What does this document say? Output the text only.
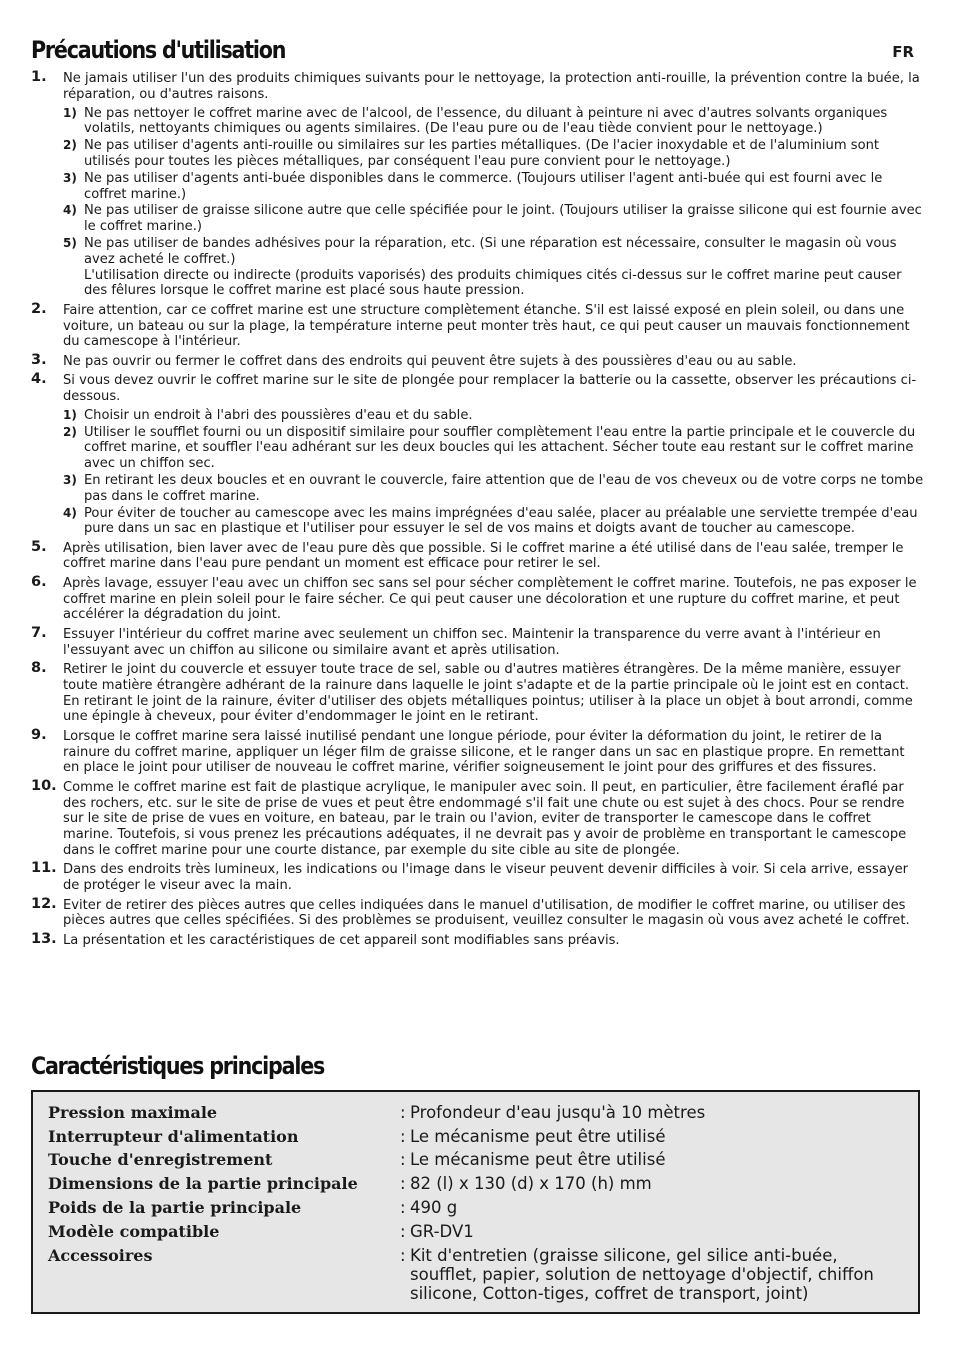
Précautions d'utilisation	FR
1. Ne jamais utiliser l'un des produits chimiques suivants pour le nettoyage, la protection anti-rouille, la prévention contre la buée, la réparation, ou d'autres raisons.
1) Ne pas nettoyer le coffret marine avec de l'alcool, de l'essence, du diluant à peinture ni avec d'autres solvants organiques volatils, nettoyants chimiques ou agents similaires. (De l'eau pure ou de l'eau tiède convient pour le nettoyage.)
2) Ne pas utiliser d'agents anti-rouille ou similaires sur les parties métalliques. (De l'acier inoxydable et de l'aluminium sont utilisés pour toutes les pièces métalliques, par conséquent l'eau pure convient pour le nettoyage.)
3) Ne pas utiliser d'agents anti-buée disponibles dans le commerce. (Toujours utiliser l'agent anti-buée qui est fourni avec le coffret marine.)
4) Ne pas utiliser de graisse silicone autre que celle spécifiée pour le joint. (Toujours utiliser la graisse silicone qui est fournie avec le coffret marine.)
5) Ne pas utiliser de bandes adhésives pour la réparation, etc. (Si une réparation est nécessaire, consulter le magasin où vous avez acheté le coffret.)
L'utilisation directe ou indirecte (produits vaporisés) des produits chimiques cités ci-dessus sur le coffret marine peut causer des fêlures lorsque le coffret marine est placé sous haute pression.
2. Faire attention, car ce coffret marine est une structure complètement étanche. S'il est laissé exposé en plein soleil, ou dans une voiture, un bateau ou sur la plage, la température interne peut monter très haut, ce qui peut causer un mauvais fonctionnement du camescope à l'intérieur.
3. Ne pas ouvrir ou fermer le coffret dans des endroits qui peuvent être sujets à des poussières d'eau ou au sable.
4. Si vous devez ouvrir le coffret marine sur le site de plongée pour remplacer la batterie ou la cassette, observer les précautions ci-dessous.
1) Choisir un endroit à l'abri des poussières d'eau et du sable.
2) Utiliser le soufflet fourni ou un dispositif similaire pour souffler complètement l'eau entre la partie principale et le couvercle du coffret marine, et souffler l'eau adhérant sur les deux boucles qui les attachent. Sécher toute eau restant sur le coffret marine avec un chiffon sec.
3) En retirant les deux boucles et en ouvrant le couvercle, faire attention que de l'eau de vos cheveux ou de votre corps ne tombe pas dans le coffret marine.
4) Pour éviter de toucher au camescope avec les mains imprégnées d'eau salée, placer au préalable une serviette trempée d'eau pure dans un sac en plastique et l'utiliser pour essuyer le sel de vos mains et doigts avant de toucher au camescope.
5. Après utilisation, bien laver avec de l'eau pure dès que possible. Si le coffret marine a été utilisé dans de l'eau salée, tremper le coffret marine dans l'eau pure pendant un moment est efficace pour retirer le sel.
6. Après lavage, essuyer l'eau avec un chiffon sec sans sel pour sécher complètement le coffret marine. Toutefois, ne pas exposer le coffret marine en plein soleil pour le faire sécher. Ce qui peut causer une décoloration et une rupture du coffret marine, et peut accélérer la dégradation du joint.
7. Essuyer l'intérieur du coffret marine avec seulement un chiffon sec. Maintenir la transparence du verre avant à l'intérieur en l'essuyant avec un chiffon au silicone ou similaire avant et après utilisation.
8. Retirer le joint du couvercle et essuyer toute trace de sel, sable ou d'autres matières étrangères. De la même manière, essuyer toute matière étrangère adhérant de la rainure dans laquelle le joint s'adapte et de la partie principale où le joint est en contact. En retirant le joint de la rainure, éviter d'utiliser des objets métalliques pointus; utiliser à la place un objet à bout arrondi, comme une épingle à cheveux, pour éviter d'endommager le joint en le retirant.
9. Lorsque le coffret marine sera laissé inutilisé pendant une longue période, pour éviter la déformation du joint, le retirer de la rainure du coffret marine, appliquer un léger film de graisse silicone, et le ranger dans un sac en plastique propre. En remettant en place le joint pour utiliser de nouveau le coffret marine, vérifier soigneusement le joint pour des griffures et des fissures.
10. Comme le coffret marine est fait de plastique acrylique, le manipuler avec soin. Il peut, en particulier, être facilement éraflé par des rochers, etc. sur le site de prise de vues et peut être endommagé s'il fait une chute ou est sujet à des chocs. Pour se rendre sur le site de prise de vues en voiture, en bateau, par le train ou l'avion, eviter de transporter le camescope dans le coffret marine. Toutefois, si vous prenez les précautions adéquates, il ne devrait pas y avoir de problème en transportant le camescope dans le coffret marine pour une courte distance, par exemple du site cible au site de plongée.
11. Dans des endroits très lumineux, les indications ou l'image dans le viseur peuvent devenir difficiles à voir. Si cela arrive, essayer de protéger le viseur avec la main.
12. Eviter de retirer des pièces autres que celles indiquées dans le manuel d'utilisation, de modifier le coffret marine, ou utiliser des pièces autres que celles spécifiées. Si des problèmes se produisent, veuillez consulter le magasin où vous avez acheté le coffret.
13. La présentation et les caractéristiques de cet appareil sont modifiables sans préavis.
Caractéristiques principales
Pression maximale	: Profondeur d'eau jusqu'à 10 mètres
Interrupteur d'alimentation	: Le mécanisme peut être utilisé
Touche d'enregistrement	: Le mécanisme peut être utilisé
Dimensions de la partie principale	: 82 (l) x 130 (d) x 170 (h) mm
Poids de la partie principale	: 490 g
Modèle compatible	: GR-DV1
Accessoires	: Kit d'entretien (graisse silicone, gel silice anti-buée, soufflet, papier, solution de nettoyage d'objectif, chiffon silicone, Cotton-tiges, coffret de transport, joint)
